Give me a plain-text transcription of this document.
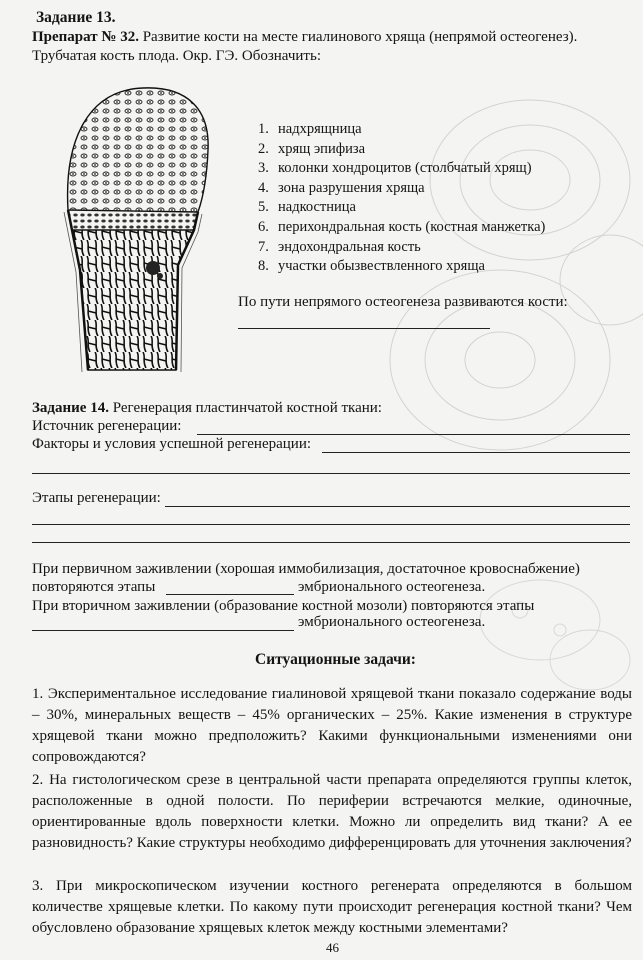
Задание 13.
Препарат № 32. Развитие кости на месте гиалинового хряща (непрямой остеогенез).
Трубчатая кость плода. Окр. ГЭ. Обозначить:
1. надхрящница
2. хрящ эпифиза
3. колонки хондроцитов (столбчатый хрящ)
4. зона разрушения хряща
5. надкостница
6. перихондральная кость (костная манжетка)
7. эндохондральная кость
8. участки обызвествленного хряща
По пути непрямого остеогенеза развиваются кости:
Задание 14. Регенерация пластинчатой костной ткани:
Источник регенерации:
Факторы и условия успешной регенерации:
Этапы регенерации:
При первичном заживлении (хорошая иммобилизация, достаточное кровоснабжение)
повторяются этапы	эмбрионального остеогенеза.
При вторичном заживлении (образование костной мозоли) повторяются этапы
эмбрионального остеогенеза.
Ситуационные задачи:
1. Экспериментальное исследование гиалиновой хрящевой ткани показало содержание воды – 30%, минеральных веществ – 45% органических – 25%. Какие изменения в структуре хрящевой ткани можно предположить? Какими функциональными изменениями они сопровождаются?
2. На гистологическом срезе в центральной части препарата определяются группы клеток, расположенные в одной полости. По периферии встречаются мелкие, одиночные, ориентированные вдоль поверхности клетки. Можно ли определить вид ткани? А ее разновидность? Какие структуры необходимо дифференцировать для уточнения заключения?
3. При микроскопическом изучении костного регенерата определяются в большом количестве хрящевые клетки. По какому пути происходит регенерация костной ткани? Чем обусловлено образование хрящевых клеток между костными элементами?
46
